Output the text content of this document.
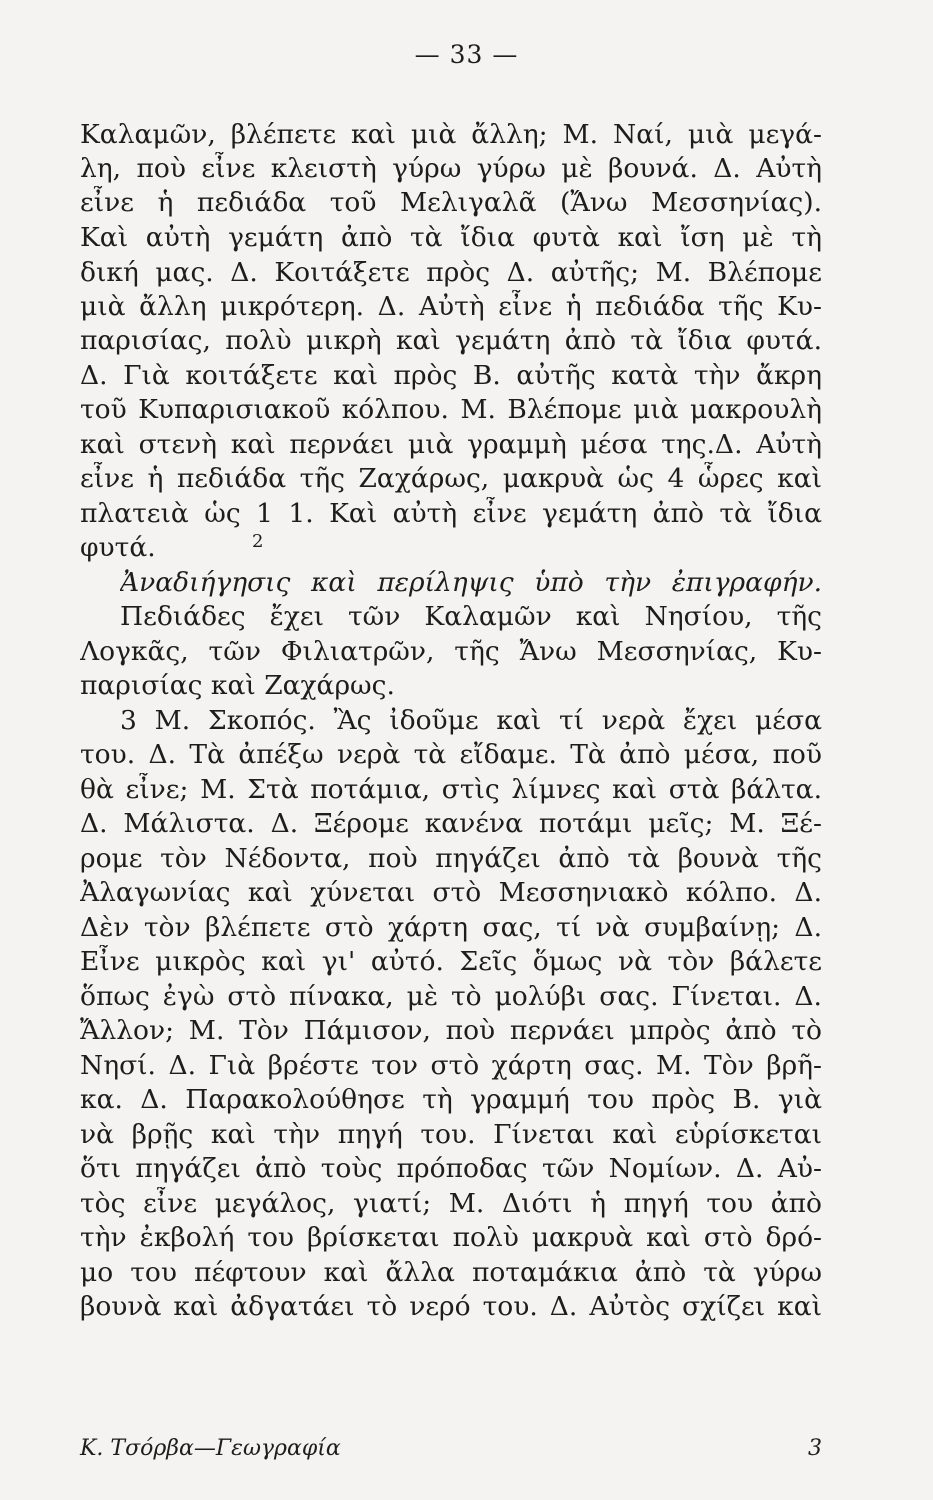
— 33 —
Καλαμῶν, βλέπετε καὶ μιὰ ἄλλη; Μ. Ναί, μιὰ μεγά-
λη, ποὺ εἶνε κλειστὴ γύρω γύρω μὲ βουνά. Δ. Αὐτὴ
εἶνε ἡ πεδιάδα τοῦ Μελιγαλᾶ (Ἄνω Μεσσηνίας).
Καὶ αὐτὴ γεμάτη ἀπὸ τὰ ἴδια φυτὰ καὶ ἴση μὲ τὴ
δική μας. Δ. Κοιτάξετε πρὸς Δ. αὐτῆς; Μ. Βλέπομε
μιὰ ἄλλη μικρότερη. Δ. Αὐτὴ εἶνε ἡ πεδιάδα τῆς Κυ-
παρισίας, πολὺ μικρὴ καὶ γεμάτη ἀπὸ τὰ ἴδια φυτά.
Δ. Γιὰ κοιτάξετε καὶ πρὸς Β. αὐτῆς κατὰ τὴν ἄκρη
τοῦ Κυπαρισιακοῦ κόλπου. Μ. Βλέπομε μιὰ μακρουλὴ
καὶ στενὴ καὶ περνάει μιὰ γραμμὴ μέσα της.Δ. Αὐτὴ
εἶνε ἡ πεδιάδα τῆς Ζαχάρως, μακρυὰ ὡς 4 ὧρες καὶ
πλατειὰ ὡς 1 1. Καὶ αὐτὴ εἶνε γεμάτη ἀπὸ τὰ ἴδια
2
φυτά.
Ἀναδιήγησις καὶ περίληψις ὑπὸ τὴν ἐπιγραφήν.
Πεδιάδες ἔχει τῶν Καλαμῶν καὶ Νησίου, τῆς
Λογκᾶς, τῶν Φιλιατρῶν, τῆς Ἄνω Μεσσηνίας, Κυ-
παρισίας καὶ Ζαχάρως.
3 Μ. Σκοπός. Ἂς ἰδοῦμε καὶ τί νερὰ ἔχει μέσα
του. Δ. Τὰ ἀπέξω νερὰ τὰ εἴδαμε. Τὰ ἀπὸ μέσα, ποῦ
θὰ εἶνε; Μ. Στὰ ποτάμια, στὶς λίμνες καὶ στὰ βάλτα.
Δ. Μάλιστα. Δ. Ξέρομε κανένα ποτάμι μεῖς; Μ. Ξέ-
ρομε τὸν Νέδοντα, ποὺ πηγάζει ἀπὸ τὰ βουνὰ τῆς
Ἀλαγωνίας καὶ χύνεται στὸ Μεσσηνιακὸ κόλπο. Δ.
Δὲν τὸν βλέπετε στὸ χάρτη σας, τί νὰ συμβαίνῃ; Δ.
Εἶνε μικρὸς καὶ γι' αὐτό. Σεῖς ὅμως νὰ τὸν βάλετε
ὅπως ἐγὼ στὸ πίνακα, μὲ τὸ μολύβι σας. Γίνεται. Δ.
Ἄλλον; Μ. Τὸν Πάμισον, ποὺ περνάει μπρὸς ἀπὸ τὸ
Νησί. Δ. Γιὰ βρέστε τον στὸ χάρτη σας. Μ. Τὸν βρῆ-
κα. Δ. Παρακολούθησε τὴ γραμμή του πρὸς Β. γιὰ
νὰ βρῇς καὶ τὴν πηγή του. Γίνεται καὶ εὑρίσκεται
ὅτι πηγάζει ἀπὸ τοὺς πρόποδας τῶν Νομίων. Δ. Αὐ-
τὸς εἶνε μεγάλος, γιατί; Μ. Διότι ἡ πηγή του ἀπὸ
τὴν ἐκβολή του βρίσκεται πολὺ μακρυὰ καὶ στὸ δρό-
μο του πέφτουν καὶ ἄλλα ποταμάκια ἀπὸ τὰ γύρω
βουνὰ καὶ ἀδγατάει τὸ νερό του. Δ. Αὐτὸς σχίζει καὶ
Κ. Τσόρβα—Γεωγραφία	3
